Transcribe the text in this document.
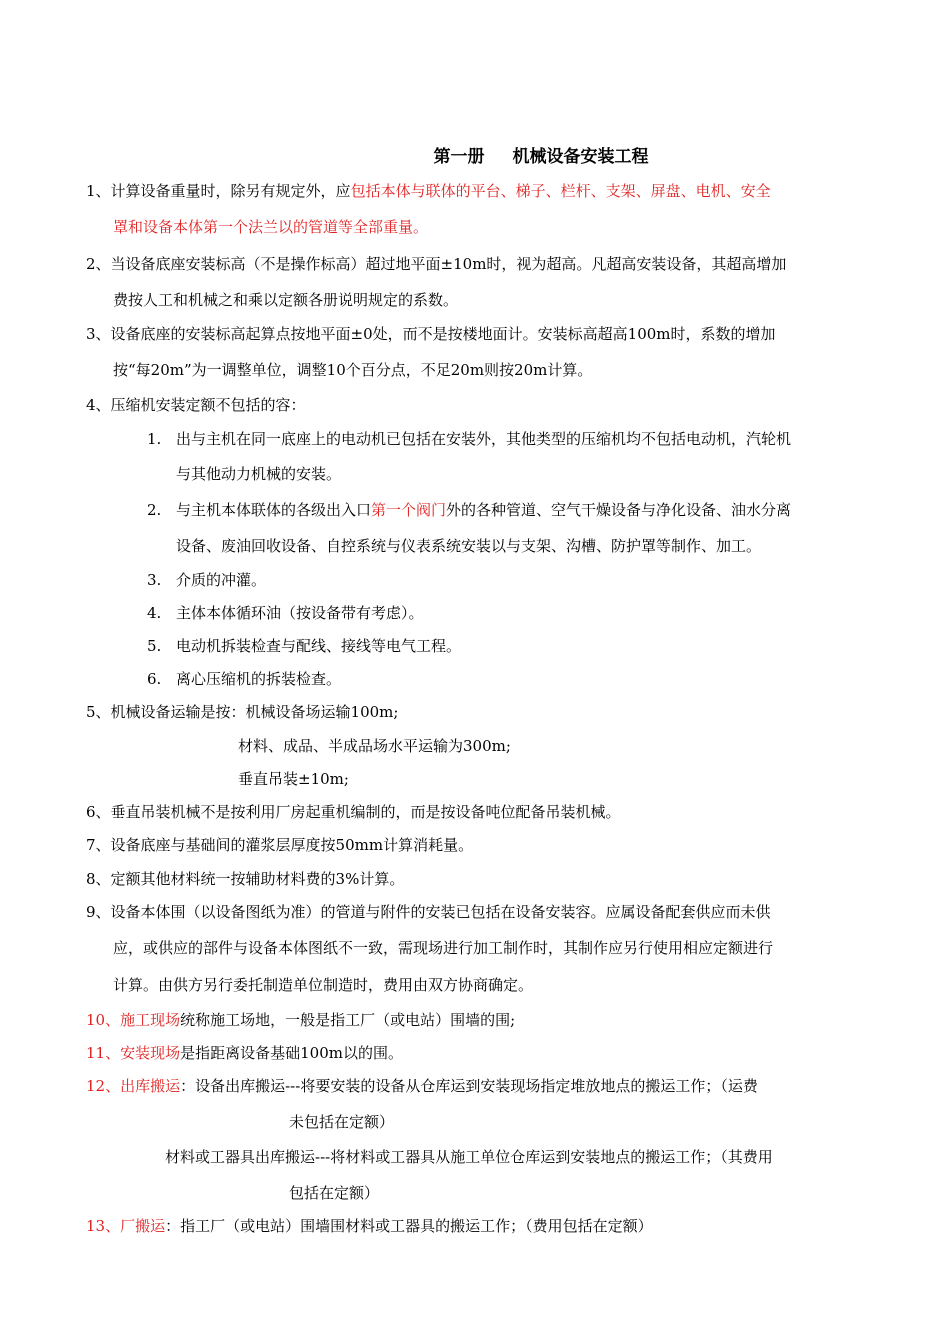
第一册 机械设备安装工程
1、计算设备重量时，除另有规定外，应包括本体与联体的平台、梯子、栏杆、支架、屏盘、电机、安全
罩和设备本体第一个法兰以的管道等全部重量。
2、当设备底座安装标高（不是操作标高）超过地平面±10m时，视为超高。凡超高安装设备，其超高增加
费按人工和机械之和乘以定额各册说明规定的系数。
3、设备底座的安装标高起算点按地平面±0处，而不是按楼地面计。安装标高超高100m时，系数的增加
按“每20m”为一调整单位，调整10个百分点，不足20m则按20m计算。
4、压缩机安装定额不包括的容：
1. 出与主机在同一底座上的电动机已包括在安装外，其他类型的压缩机均不包括电动机，汽轮机
与其他动力机械的安装。
2. 与主机本体联体的各级出入口第一个阀门外的各种管道、空气干燥设备与净化设备、油水分离
设备、废油回收设备、自控系统与仪表系统安装以与支架、沟槽、防护罩等制作、加工。
3. 介质的冲灌。
4. 主体本体循环油（按设备带有考虑）。
5. 电动机拆装检查与配线、接线等电气工程。
6. 离心压缩机的拆装检查。
5、机械设备运输是按：机械设备场运输100m;
材料、成品、半成品场水平运输为300m;
垂直吊装±10m;
6、垂直吊装机械不是按利用厂房起重机编制的，而是按设备吨位配备吊装机械。
7、设备底座与基础间的灌浆层厚度按50mm计算消耗量。
8、定额其他材料统一按辅助材料费的3%计算。
9、设备本体围（以设备图纸为准）的管道与附件的安装已包括在设备安装容。应属设备配套供应而未供
应，或供应的部件与设备本体图纸不一致，需现场进行加工制作时，其制作应另行使用相应定额进行
计算。由供方另行委托制造单位制造时，费用由双方协商确定。
10、施工现场统称施工场地，一般是指工厂（或电站）围墙的围;
11、安装现场是指距离设备基础100m以的围。
12、出库搬运：设备出库搬运---将要安装的设备从仓库运到安装现场指定堆放地点的搬运工作；（运费
未包括在定额）
材料或工器具出库搬运---将材料或工器具从施工单位仓库运到安装地点的搬运工作；（其费用
包括在定额）
13、厂搬运：指工厂（或电站）围墙围材料或工器具的搬运工作；（费用包括在定额）
